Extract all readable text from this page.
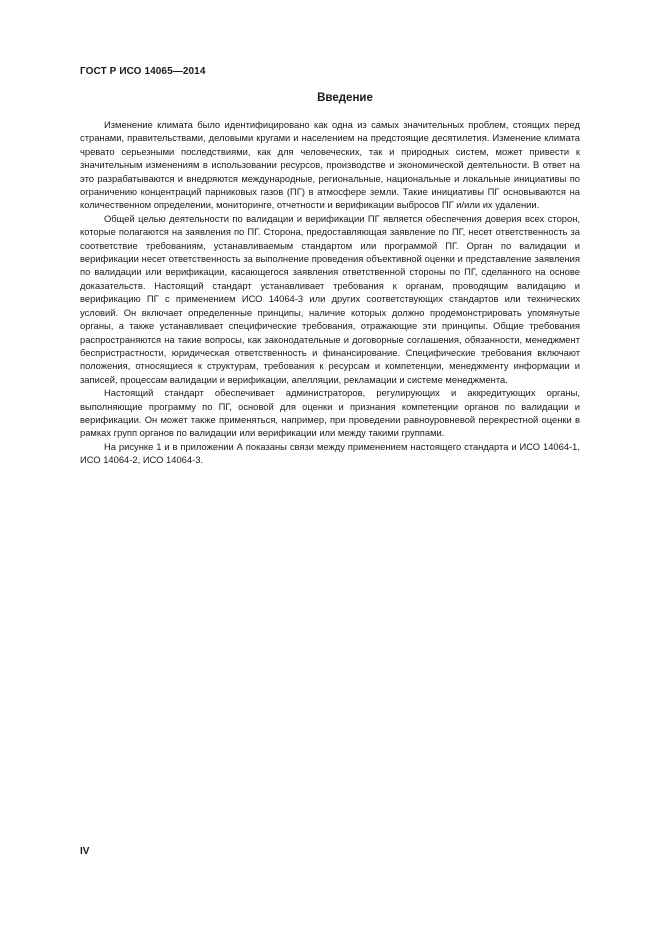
ГОСТ Р ИСО 14065—2014
Введение

Изменение климата было идентифицировано как одна из самых значительных проблем, стоящих перед странами, правительствами, деловыми кругами и населением на предстоящие десятилетия. Изменение климата чревато серьезными последствиями, как для человеческих, так и природных систем, может привести к значительным изменениям в использовании ресурсов, производстве и экономической деятельности. В ответ на это разрабатываются и внедряются международные, региональные, национальные и локальные инициативы по ограничению концентраций парниковых газов (ПГ) в атмосфере земли. Такие инициативы ПГ основываются на количественном определении, мониторинге, отчетности и верификации выбросов ПГ и/или их удалении.

Общей целью деятельности по валидации и верификации ПГ является обеспечения доверия всех сторон, которые полагаются на заявления по ПГ. Сторона, предоставляющая заявление по ПГ, несет ответственность за соответствие требованиям, устанавливаемым стандартом или программой ПГ. Орган по валидации и верификации несет ответственность за выполнение проведения объективной оценки и представление заявления по валидации или верификации, касающегося заявления ответственной стороны по ПГ, сделанного на основе доказательств. Настоящий стандарт устанавливает требования к органам, проводящим валидацию и верификацию ПГ с применением ИСО 14064-3 или других соответствующих стандартов или технических условий. Он включает определенные принципы, наличие которых должно продемонстрировать упомянутые органы, а также устанавливает специфические требования, отражающие эти принципы. Общие требования распространяются на такие вопросы, как законодательные и договорные соглашения, обязанности, менеджмент беспристрастности, юридическая ответственность и финансирование. Специфические требования включают положения, относящиеся к структурам, требования к ресурсам и компетенции, менеджменту информации и записей, процессам валидации и верификации, апелляции, рекламации и системе менеджмента.

Настоящий стандарт обеспечивает администраторов, регулирующих и аккредитующих органы, выполняющие программу по ПГ, основой для оценки и признания компетенции органов по валидации и верификации. Он может также применяться, например, при проведении равноуровневой перекрестной оценки в рамках групп органов по валидации или верификации или между такими группами.

На рисунке 1 и в приложении А показаны связи между применением настоящего стандарта и ИСО 14064-1, ИСО 14064-2, ИСО 14064-3.

IV
